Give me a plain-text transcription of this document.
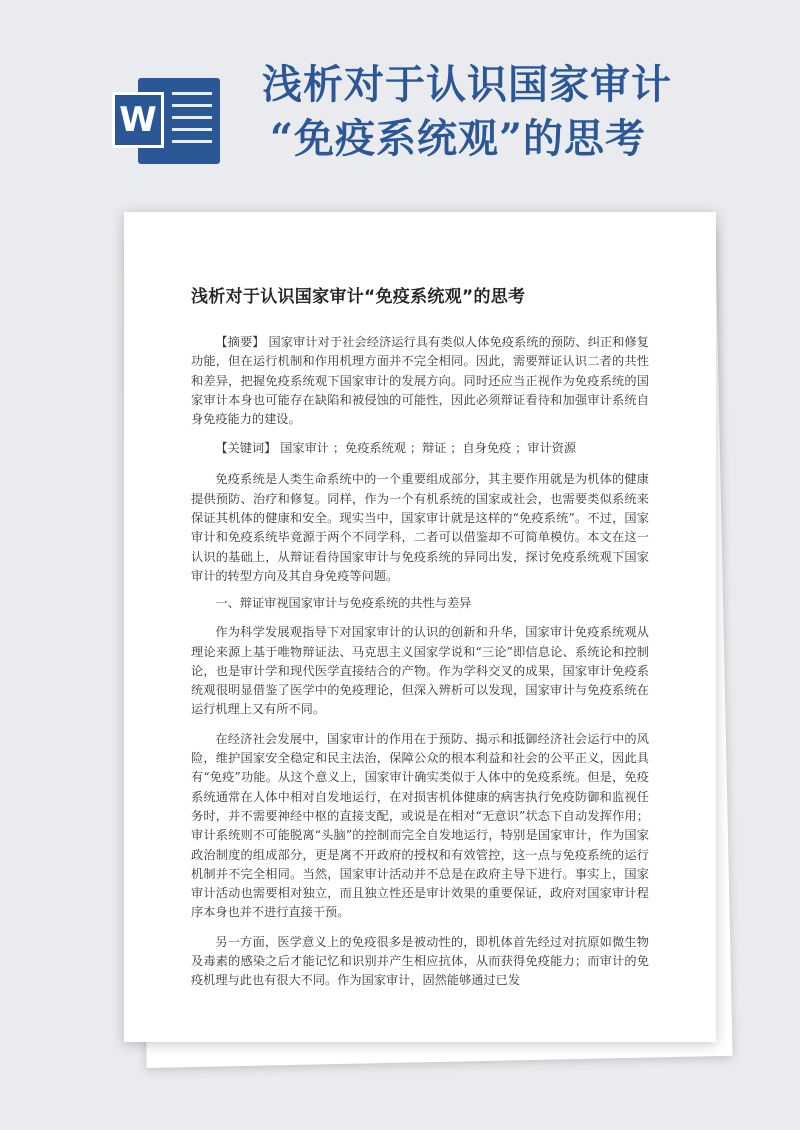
W
浅析对于认识国家审计
“免疫系统观”的思考
浅析对于认识国家审计“免疫系统观”的思考

【摘要】 国家审计对于社会经济运行具有类似人体免疫系统的预防、纠正和修复功能，但在运行机制和作用机理方面并不完全相同。因此，需要辩证认识二者的共性和差异，把握免疫系统观下国家审计的发展方向。同时还应当正视作为免疫系统的国家审计本身也可能存在缺陷和被侵蚀的可能性，因此必须辩证看待和加强审计系统自身免疫能力的建设。

【关键词】 国家审计 ；免疫系统观 ；辩证 ；自身免疫 ；审计资源

免疫系统是人类生命系统中的一个重要组成部分，其主要作用就是为机体的健康提供预防、治疗和修复。同样，作为一个有机系统的国家或社会，也需要类似系统来保证其机体的健康和安全。现实当中，国家审计就是这样的“免疫系统”。不过，国家审计和免疫系统毕竟源于两个不同学科，二者可以借鉴却不可简单模仿。本文在这一认识的基础上，从辩证看待国家审计与免疫系统的异同出发，探讨免疫系统观下国家审计的转型方向及其自身免疫等问题。

一、辩证审视国家审计与免疫系统的共性与差异

作为科学发展观指导下对国家审计的认识的创新和升华，国家审计免疫系统观从理论来源上基于唯物辩证法、马克思主义国家学说和“三论”即信息论、系统论和控制论，也是审计学和现代医学直接结合的产物。作为学科交叉的成果，国家审计免疫系统观很明显借鉴了医学中的免疫理论，但深入辨析可以发现，国家审计与免疫系统在运行机理上又有所不同。

在经济社会发展中，国家审计的作用在于预防、揭示和抵御经济社会运行中的风险，维护国家安全稳定和民主法治，保障公众的根本利益和社会的公平正义，因此具有“免疫”功能。从这个意义上，国家审计确实类似于人体中的免疫系统。但是，免疫系统通常在人体中相对自发地运行，在对损害机体健康的病害执行免疫防御和监视任务时，并不需要神经中枢的直接支配，或说是在相对“无意识”状态下自动发挥作用；审计系统则不可能脱离“头脑”的控制而完全自发地运行，特别是国家审计，作为国家政治制度的组成部分，更是离不开政府的授权和有效管控，这一点与免疫系统的运行机制并不完全相同。当然，国家审计活动并不总是在政府主导下进行。事实上，国家审计活动也需要相对独立，而且独立性还是审计效果的重要保证，政府对国家审计程序本身也并不进行直接干预。

另一方面，医学意义上的免疫很多是被动性的，即机体首先经过对抗原如微生物及毒素的感染之后才能记忆和识别并产生相应抗体，从而获得免疫能力；而审计的免疫机理与此也有很大不同。作为国家审计，固然能够通过已发
